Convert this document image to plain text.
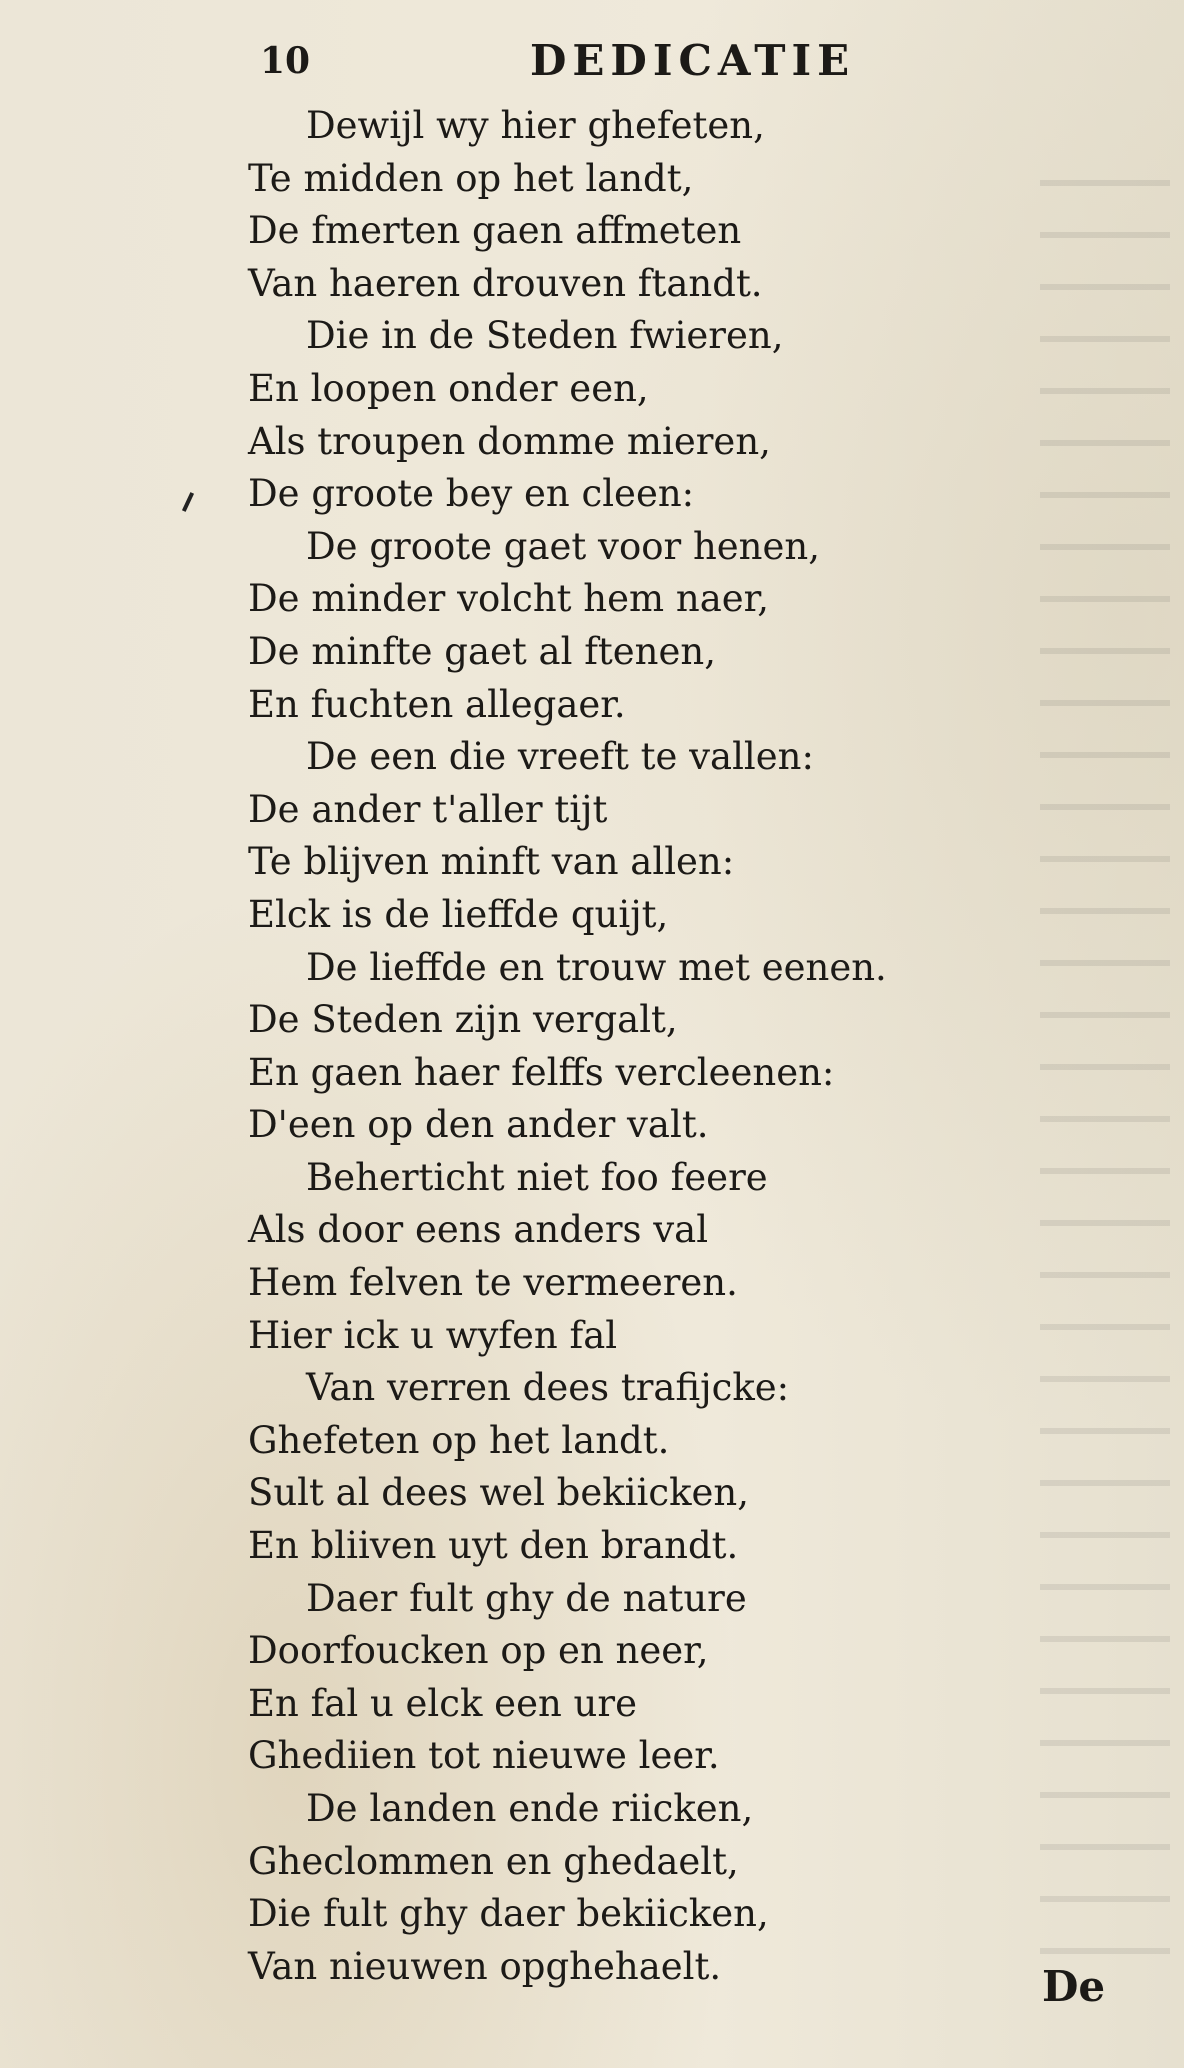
10	DEDICATIE
Dewijl wy hier ghefeten,
Te midden op het landt,
De fmerten gaen affmeten
Van haeren drouven ftandt.
Die in de Steden fwieren,
En loopen onder een,
Als troupen domme mieren,
De groote bey en cleen:
De groote gaet voor henen,
De minder volcht hem naer,
De minfte gaet al ftenen,
En fuchten allegaer.
De een die vreeft te vallen:
De ander t'aller tijt
Te blijven minft van allen:
Elck is de lieffde quijt,
De lieffde en trouw met eenen.
De Steden zijn vergalt,
En gaen haer felffs vercleenen:
D'een op den ander valt.
Behertіcht niet foo feere
Als door eens anders val
Hem felven te vermeeren.
Hier ick u wyfen fal
Van verren dees trafijcke:
Ghefeten op het landt.
Sult al dees wel bekiicken,
En bliiven uyt den brandt.
Daer fult ghy de nature
Doorfoucken op en neer,
En fal u elck een ure
Ghediien tot nieuwe leer.
De landen ende riicken,
Gheclommen en ghedaelt,
Die fult ghy daer bekiicken,
Van nieuwen opghehaelt.	De
